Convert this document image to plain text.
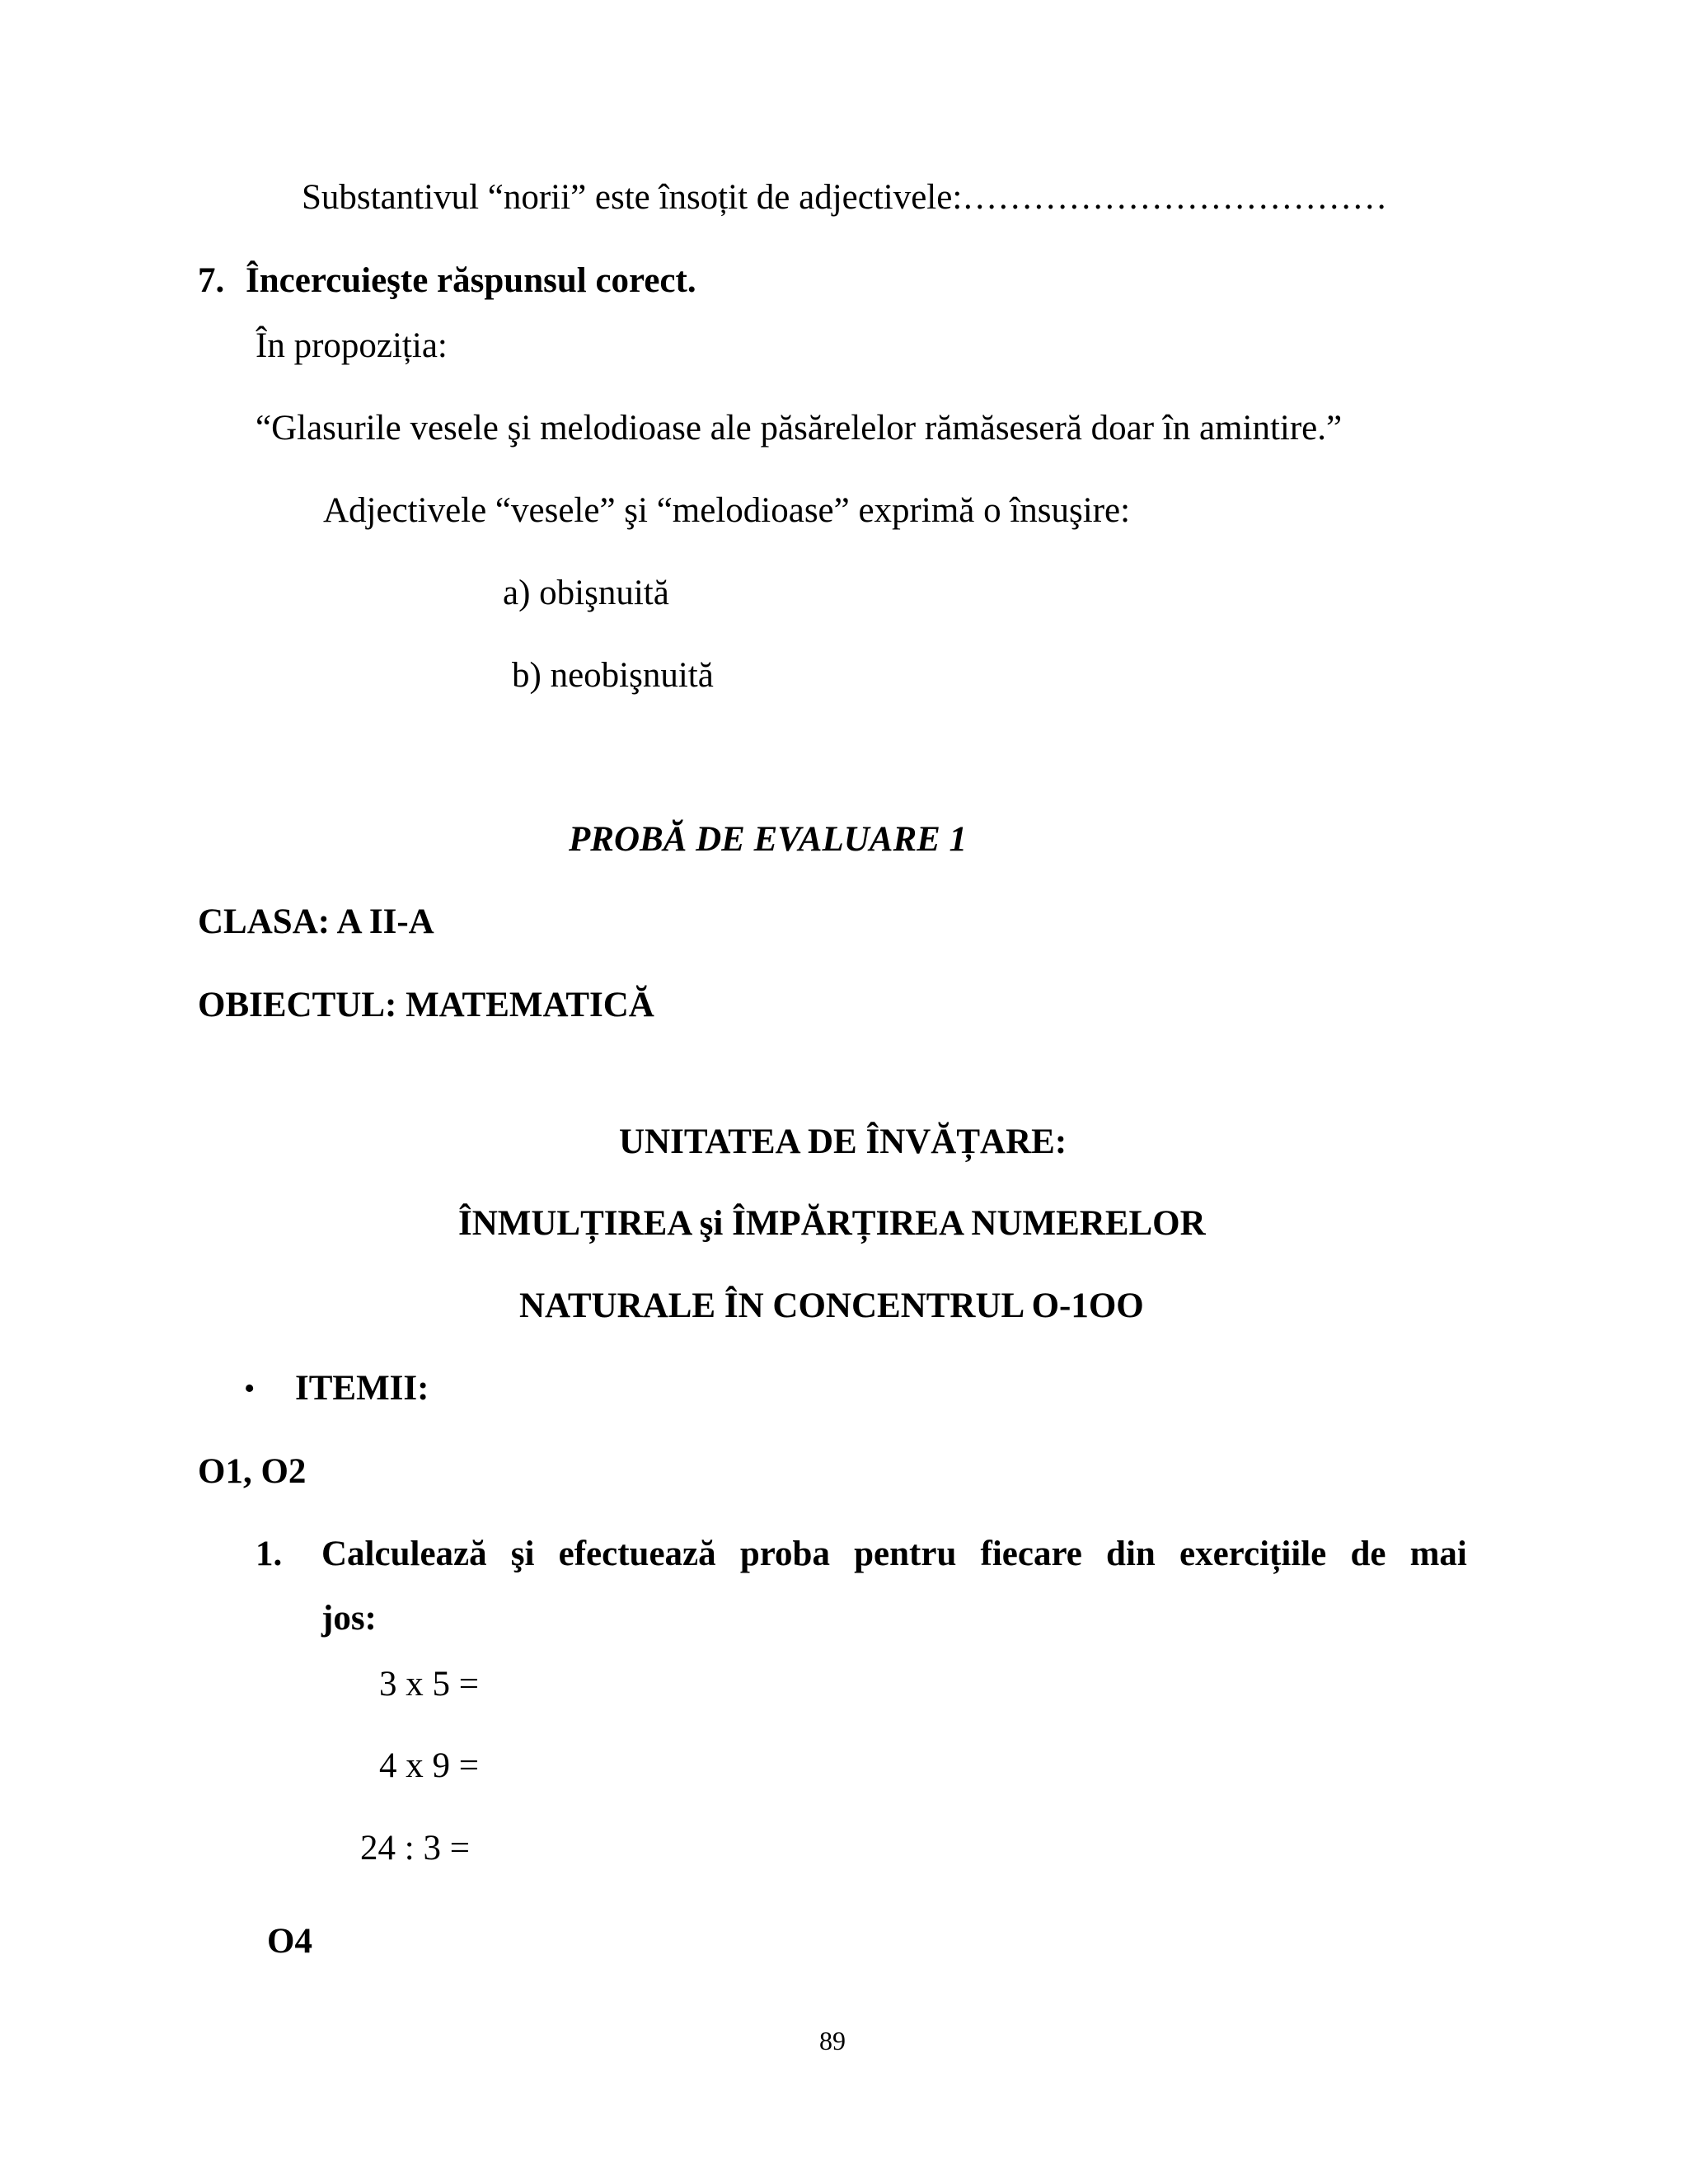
Substantivul “norii” este însoțit de adjectivele:………………………………
7. Încercuieşte răspunsul corect.
În propoziția:
“Glasurile vesele şi melodioase ale păsărelelor rămăseseră doar în amintire.”
Adjectivele “vesele” şi “melodioase” exprimă o însuşire:
a) obişnuită
b) neobişnuită
PROBĂ DE EVALUARE 1
CLASA: A II-A
OBIECTUL: MATEMATICĂ
UNITATEA DE ÎNVĂȚARE:
ÎNMULȚIREA şi ÎMPĂRȚIREA NUMERELOR
NATURALE ÎN CONCENTRUL O-1OO
• ITEMII:
O1, O2
1. Calculează şi efectuează proba pentru fiecare din exercițiile de mai
jos:
3 x 5 =
4 x 9 =
24 : 3 =
O4
89
